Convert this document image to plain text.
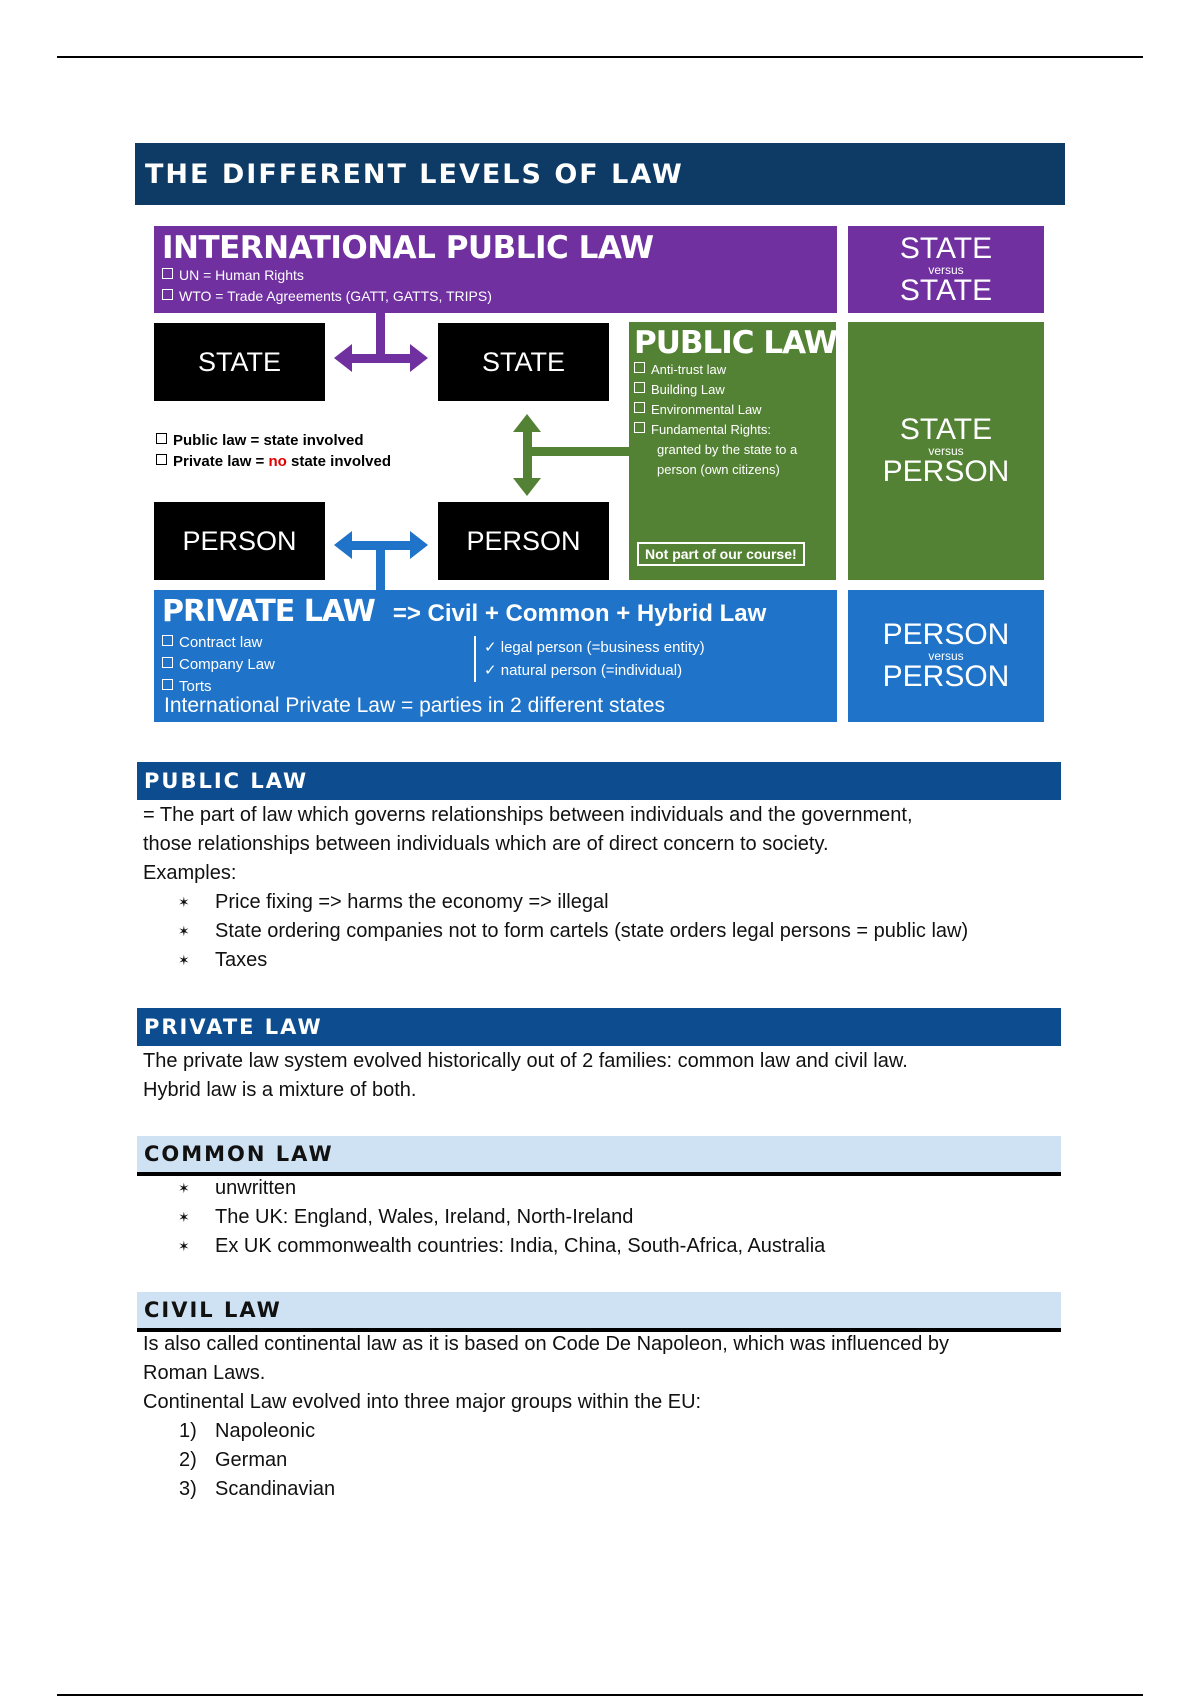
THE DIFFERENT LEVELS OF LAW
INTERNATIONAL PUBLIC LAW
UN = Human Rights
WTO = Trade Agreements (GATT, GATTS, TRIPS)
STATE
versus
STATE
STATE	STATE
PERSON	PERSON
Public law = state involved
Private law = no state involved
PUBLIC LAW
Anti-trust law
Building Law
Environmental Law
Fundamental Rights:
granted by the state to a person (own citizens)
Not part of our course!
STATE
versus
PERSON
PRIVATE LAW => Civil + Common + Hybrid Law
Contract law
Company Law
Torts
✓ legal person (=business entity)
✓ natural person (=individual)
International Private Law = parties in 2 different states
PERSON
versus
PERSON
PUBLIC LAW
= The part of law which governs relationships between individuals and the government,
those relationships between individuals which are of direct concern to society.
Examples:
✶ Price fixing => harms the economy => illegal
✶ State ordering companies not to form cartels (state orders legal persons = public law)
✶ Taxes
PRIVATE LAW
The private law system evolved historically out of 2 families: common law and civil law.
Hybrid law is a mixture of both.
COMMON LAW
✶ unwritten
✶ The UK: England, Wales, Ireland, North-Ireland
✶ Ex UK commonwealth countries: India, China, South-Africa, Australia
CIVIL LAW
Is also called continental law as it is based on Code De Napoleon, which was influenced by
Roman Laws.
Continental Law evolved into three major groups within the EU:
1) Napoleonic
2) German
3) Scandinavian
